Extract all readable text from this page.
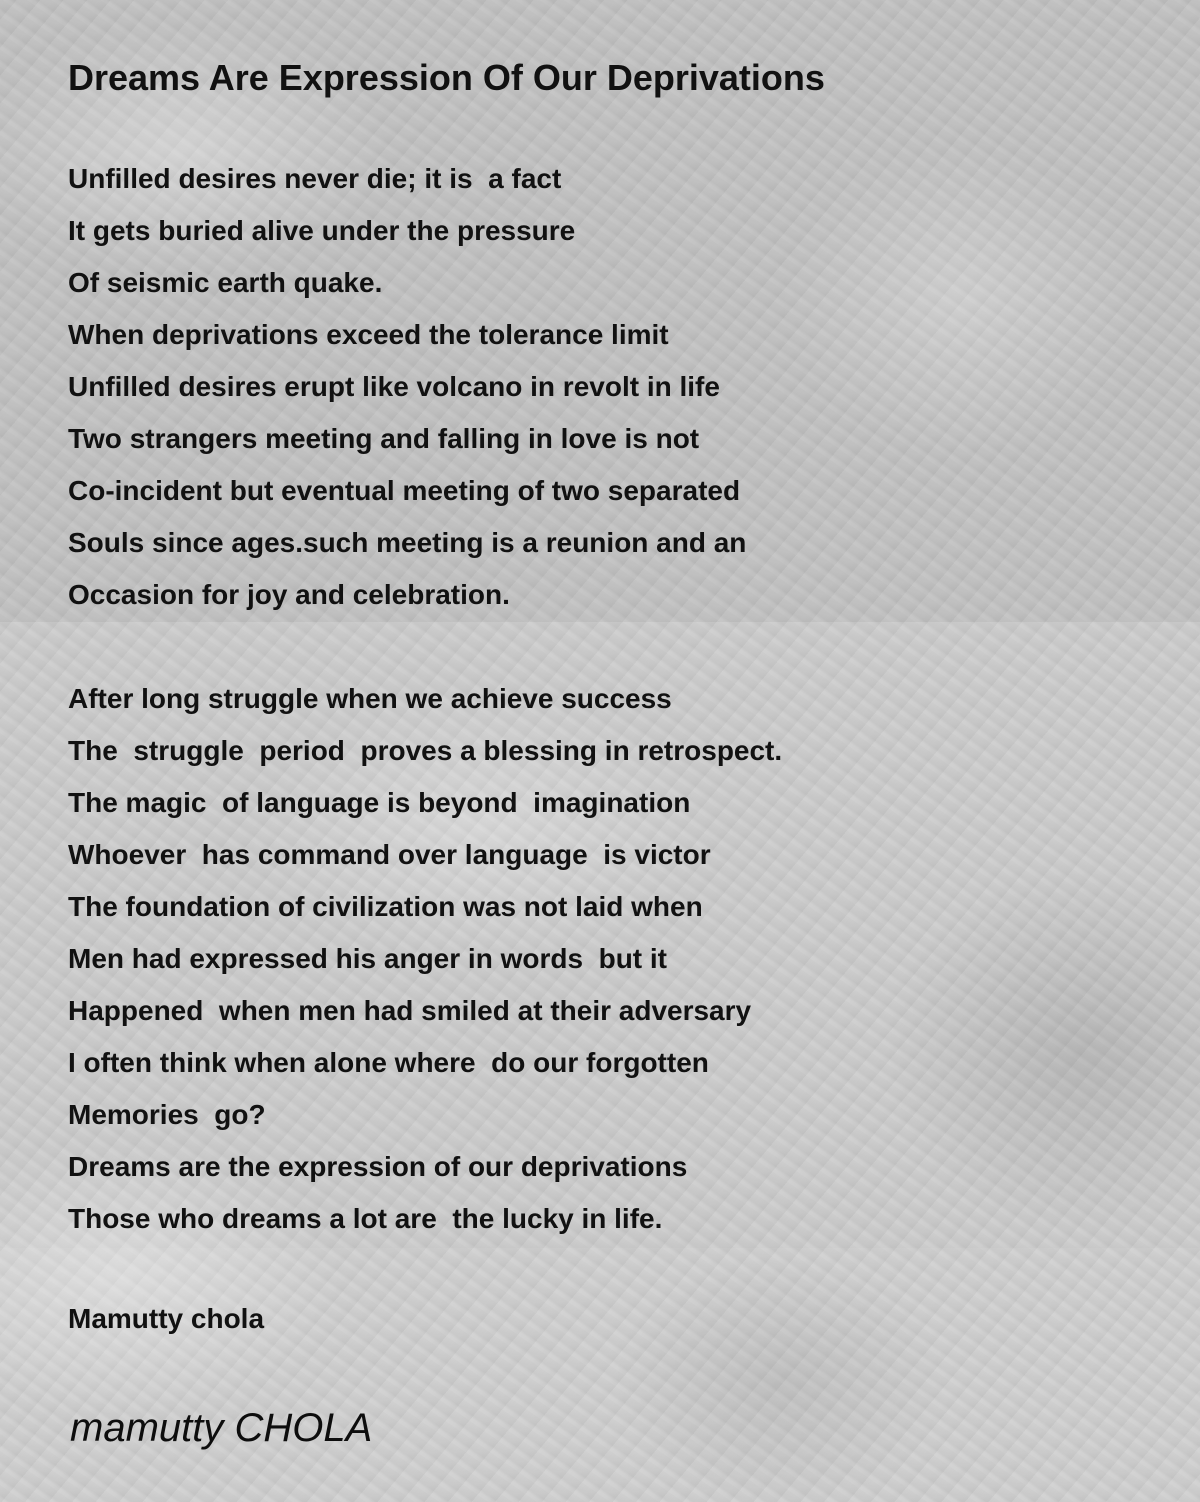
Dreams Are Expression Of Our Deprivations
Unfilled desires never die; it is  a fact
It gets buried alive under the pressure
Of seismic earth quake.
When deprivations exceed the tolerance limit
Unfilled desires erupt like volcano in revolt in life
Two strangers meeting and falling in love is not
Co-incident but eventual meeting of two separated
Souls since ages.such meeting is a reunion and an
Occasion for joy and celebration.
After long struggle when we achieve success
The  struggle  period  proves a blessing in retrospect.
The magic  of language is beyond  imagination
Whoever  has command over language  is victor
The foundation of civilization was not laid when
Men had expressed his anger in words  but it
Happened  when men had smiled at their adversary
I often think when alone where  do our forgotten
Memories  go?
Dreams are the expression of our deprivations
Those who dreams a lot are  the lucky in life.
Mamutty chola
mamutty CHOLA
